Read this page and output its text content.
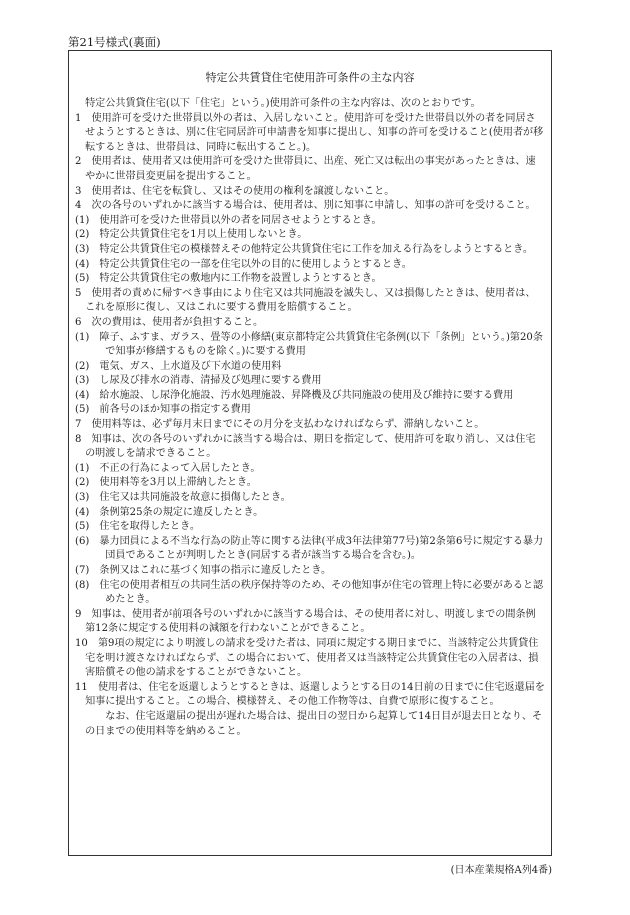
第21号様式(裏面)
特定公共賃貸住宅使用許可条件の主な内容

特定公共賃貸住宅(以下「住宅」という。)使用許可条件の主な内容は、次のとおりです。

1　使用許可を受けた世帯員以外の者は、入居しないこと。使用許可を受けた世帯員以外の者を同居させようとするときは、別に住宅同居許可申請書を知事に提出し、知事の許可を受けること(使用者が移転するときは、世帯員は、同時に転出すること。)。

2　使用者は、使用者又は使用許可を受けた世帯員に、出産、死亡又は転出の事実があったときは、速やかに世帯員変更届を提出すること。

3　使用者は、住宅を転貸し、又はその使用の権利を譲渡しないこと。

4　次の各号のいずれかに該当する場合は、使用者は、別に知事に申請し、知事の許可を受けること。

(1)　使用許可を受けた世帯員以外の者を同居させようとするとき。

(2)　特定公共賃貸住宅を1月以上使用しないとき。

(3)　特定公共賃貸住宅の模様替えその他特定公共賃貸住宅に工作を加える行為をしようとするとき。

(4)　特定公共賃貸住宅の一部を住宅以外の目的に使用しようとするとき。

(5)　特定公共賃貸住宅の敷地内に工作物を設置しようとするとき。

5　使用者の責めに帰すべき事由により住宅又は共同施設を滅失し、又は損傷したときは、使用者は、これを原形に復し、又はこれに要する費用を賠償すること。

6　次の費用は、使用者が負担すること。

(1)　障子、ふすま、ガラス、畳等の小修繕(東京都特定公共賃貸住宅条例(以下「条例」という。)第20条で知事が修繕するものを除く。)に要する費用

(2)　電気、ガス、上水道及び下水道の使用料

(3)　し尿及び排水の消毒、清掃及び処理に要する費用

(4)　給水施設、し尿浄化施設、汚水処理施設、昇降機及び共同施設の使用及び維持に要する費用

(5)　前各号のほか知事の指定する費用

7　使用料等は、必ず毎月末日までにその月分を支払わなければならず、滞納しないこと。

8　知事は、次の各号のいずれかに該当する場合は、期日を指定して、使用許可を取り消し、又は住宅の明渡しを請求できること。

(1)　不正の行為によって入居したとき。

(2)　使用料等を3月以上滞納したとき。

(3)　住宅又は共同施設を故意に損傷したとき。

(4)　条例第25条の規定に違反したとき。

(5)　住宅を取得したとき。

(6)　暴力団員による不当な行為の防止等に関する法律(平成3年法律第77号)第2条第6号に規定する暴力団員であることが判明したとき(同居する者が該当する場合を含む。)。

(7)　条例又はこれに基づく知事の指示に違反したとき。

(8)　住宅の使用者相互の共同生活の秩序保持等のため、その他知事が住宅の管理上特に必要があると認めたとき。

9　知事は、使用者が前項各号のいずれかに該当する場合は、その使用者に対し、明渡しまでの間条例第12条に規定する使用料の減額を行わないことができること。

10　第9項の規定により明渡しの請求を受けた者は、同項に規定する期日までに、当該特定公共賃貸住宅を明け渡さなければならず、この場合において、使用者又は当該特定公共賃貸住宅の入居者は、損害賠償その他の請求をすることができないこと。

11　使用者は、住宅を返還しようとするときは、返還しようとする日の14日前の日までに住宅返還届を知事に提出すること。この場合、模様替え、その他工作物等は、自費で原形に復すること。

なお、住宅返還届の提出が遅れた場合は、提出日の翌日から起算して14日目が退去日となり、その日までの使用料等を納めること。

(日本産業規格A列4番)
